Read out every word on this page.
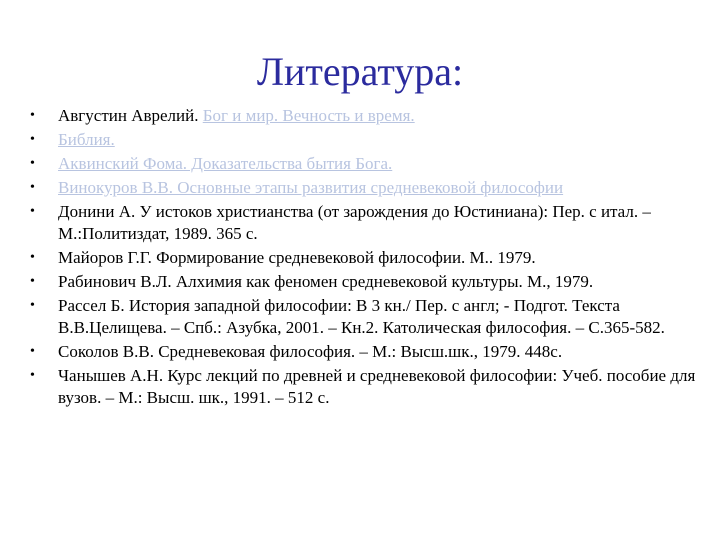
Литература:
•	Августин Аврелий. Бог и мир. Вечность и время.
•	Библия.
•	Аквинский Фома. Доказательства бытия Бога.
•	Винокуров В.В. Основные этапы развития средневековой философии
•	Донини А. У истоков христианства (от зарождения до Юстиниана): Пер. с итал. – М.:Политиздат, 1989. 365 с.
•	Майоров Г.Г. Формирование средневековой философии. М.. 1979.
•	Рабинович В.Л. Алхимия как феномен средневековой культуры. М., 1979.
•	Рассел Б. История западной философии: В 3 кн./ Пер. с англ; - Подгот. Текста В.В.Целищева. – Спб.: Азубка, 2001. – Кн.2. Католическая философия. – С.365-582.
•	Соколов В.В. Средневековая философия. – М.: Высш.шк., 1979. 448с.
•	Чанышев А.Н. Курс лекций по древней и средневековой философии: Учеб. пособие для вузов. – М.: Высш. шк., 1991. – 512 с.
